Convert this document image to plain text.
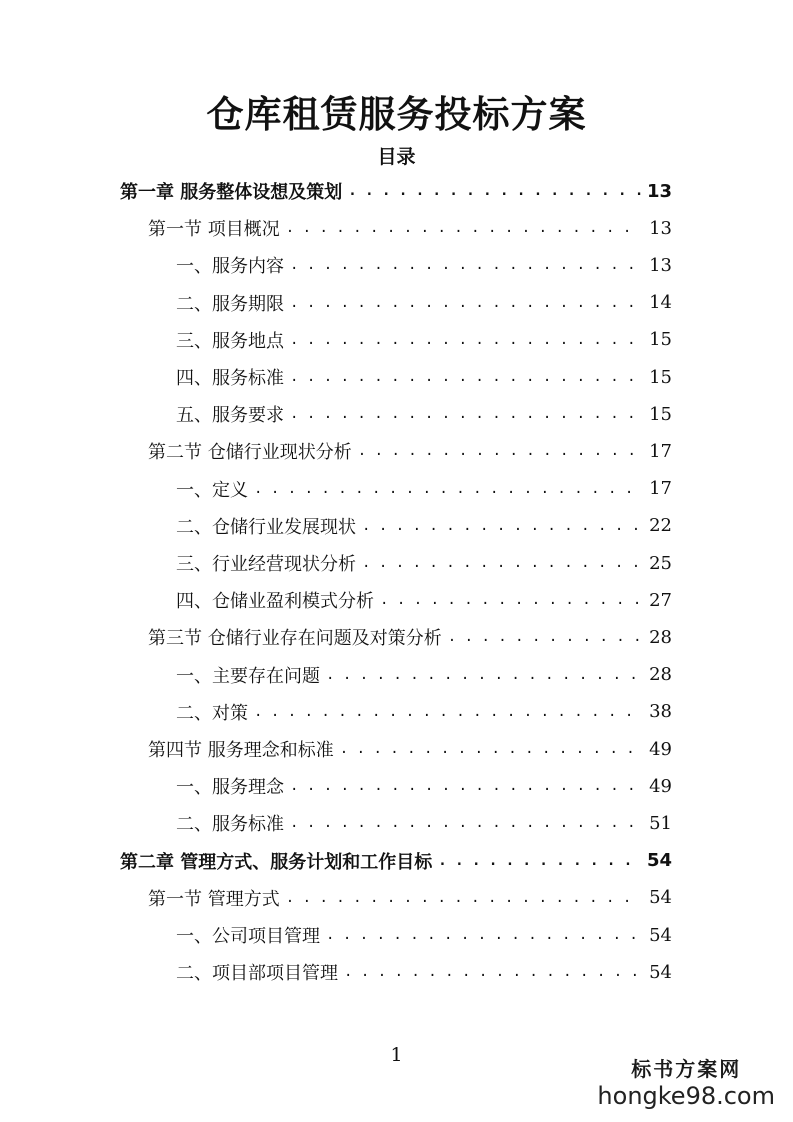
仓库租赁服务投标方案
目录
第一章 服务整体设想及策划 . . .	13
第一节 项目概况 . . .	13
一、服务内容 . . .	13
二、服务期限 . . .	14
三、服务地点 . . .	15
四、服务标准 . . .	15
五、服务要求 . . .	15
第二节 仓储行业现状分析 . . .	17
一、定义 . . .	17
二、仓储行业发展现状 . . .	22
三、行业经营现状分析 . . .	25
四、仓储业盈利模式分析 . . .	27
第三节 仓储行业存在问题及对策分析 . . .	28
一、主要存在问题 . . .	28
二、对策 . . .	38
第四节 服务理念和标准 . . .	49
一、服务理念 . . .	49
二、服务标准 . . .	51
第二章 管理方式、服务计划和工作目标 . . .	54
第一节 管理方式 . . .	54
一、公司项目管理 . . .	54
二、项目部项目管理 . . .	54
1
标书方案网
hongke98.com
